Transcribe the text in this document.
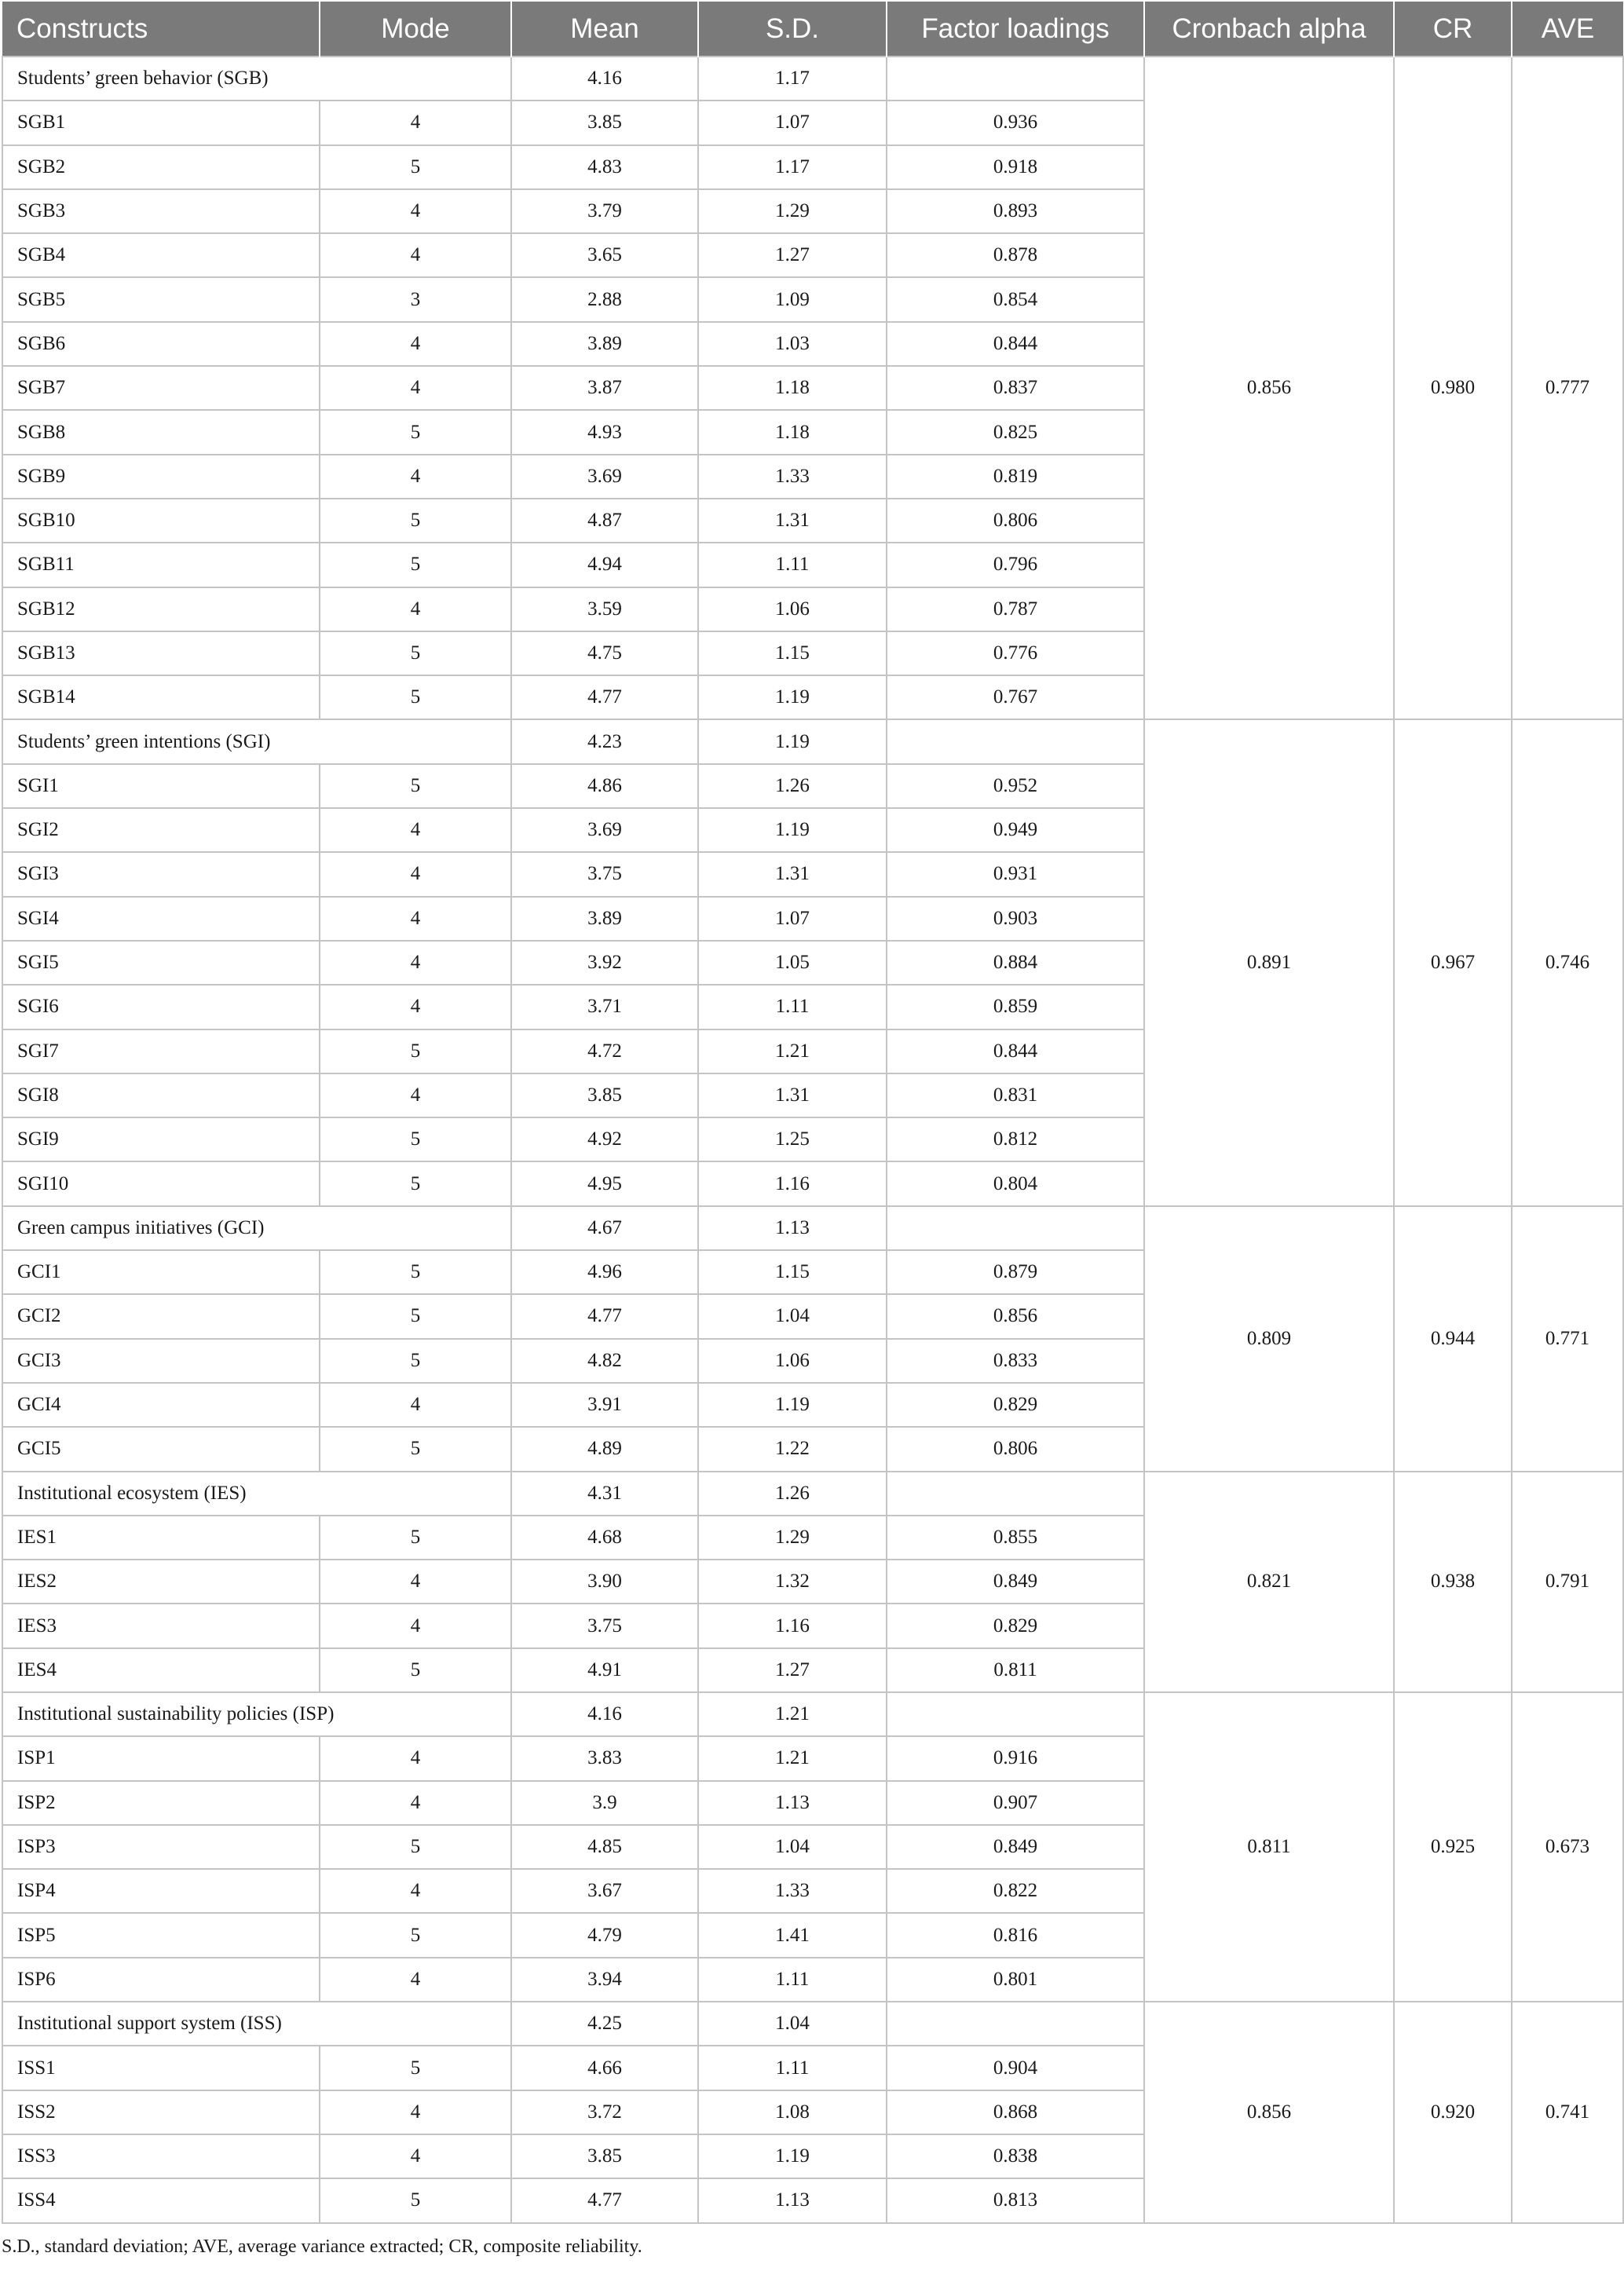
Constructs	Mode	Mean	S.D.	Factor loadings	Cronbach alpha	CR	AVE
Students’ green behavior (SGB)		4.16	1.17		0.856	0.980	0.777
SGB1	4	3.85	1.07	0.936			
SGB2	5	4.83	1.17	0.918			
SGB3	4	3.79	1.29	0.893			
SGB4	4	3.65	1.27	0.878			
SGB5	3	2.88	1.09	0.854			
SGB6	4	3.89	1.03	0.844			
SGB7	4	3.87	1.18	0.837			
SGB8	5	4.93	1.18	0.825			
SGB9	4	3.69	1.33	0.819			
SGB10	5	4.87	1.31	0.806			
SGB11	5	4.94	1.11	0.796			
SGB12	4	3.59	1.06	0.787			
SGB13	5	4.75	1.15	0.776			
SGB14	5	4.77	1.19	0.767			
Students’ green intentions (SGI)		4.23	1.19		0.891	0.967	0.746
SGI1	5	4.86	1.26	0.952			
SGI2	4	3.69	1.19	0.949			
SGI3	4	3.75	1.31	0.931			
SGI4	4	3.89	1.07	0.903			
SGI5	4	3.92	1.05	0.884			
SGI6	4	3.71	1.11	0.859			
SGI7	5	4.72	1.21	0.844			
SGI8	4	3.85	1.31	0.831			
SGI9	5	4.92	1.25	0.812			
SGI10	5	4.95	1.16	0.804			
Green campus initiatives (GCI)		4.67	1.13		0.809	0.944	0.771
GCI1	5	4.96	1.15	0.879			
GCI2	5	4.77	1.04	0.856			
GCI3	5	4.82	1.06	0.833			
GCI4	4	3.91	1.19	0.829			
GCI5	5	4.89	1.22	0.806			
Institutional ecosystem (IES)		4.31	1.26		0.821	0.938	0.791
IES1	5	4.68	1.29	0.855			
IES2	4	3.90	1.32	0.849			
IES3	4	3.75	1.16	0.829			
IES4	5	4.91	1.27	0.811			
Institutional sustainability policies (ISP)		4.16	1.21		0.811	0.925	0.673
ISP1	4	3.83	1.21	0.916			
ISP2	4	3.9	1.13	0.907			
ISP3	5	4.85	1.04	0.849			
ISP4	4	3.67	1.33	0.822			
ISP5	5	4.79	1.41	0.816			
ISP6	4	3.94	1.11	0.801			
Institutional support system (ISS)		4.25	1.04		0.856	0.920	0.741
ISS1	5	4.66	1.11	0.904			
ISS2	4	3.72	1.08	0.868			
ISS3	4	3.85	1.19	0.838			
ISS4	5	4.77	1.13	0.813			

S.D., standard deviation; AVE, average variance extracted; CR, composite reliability.
